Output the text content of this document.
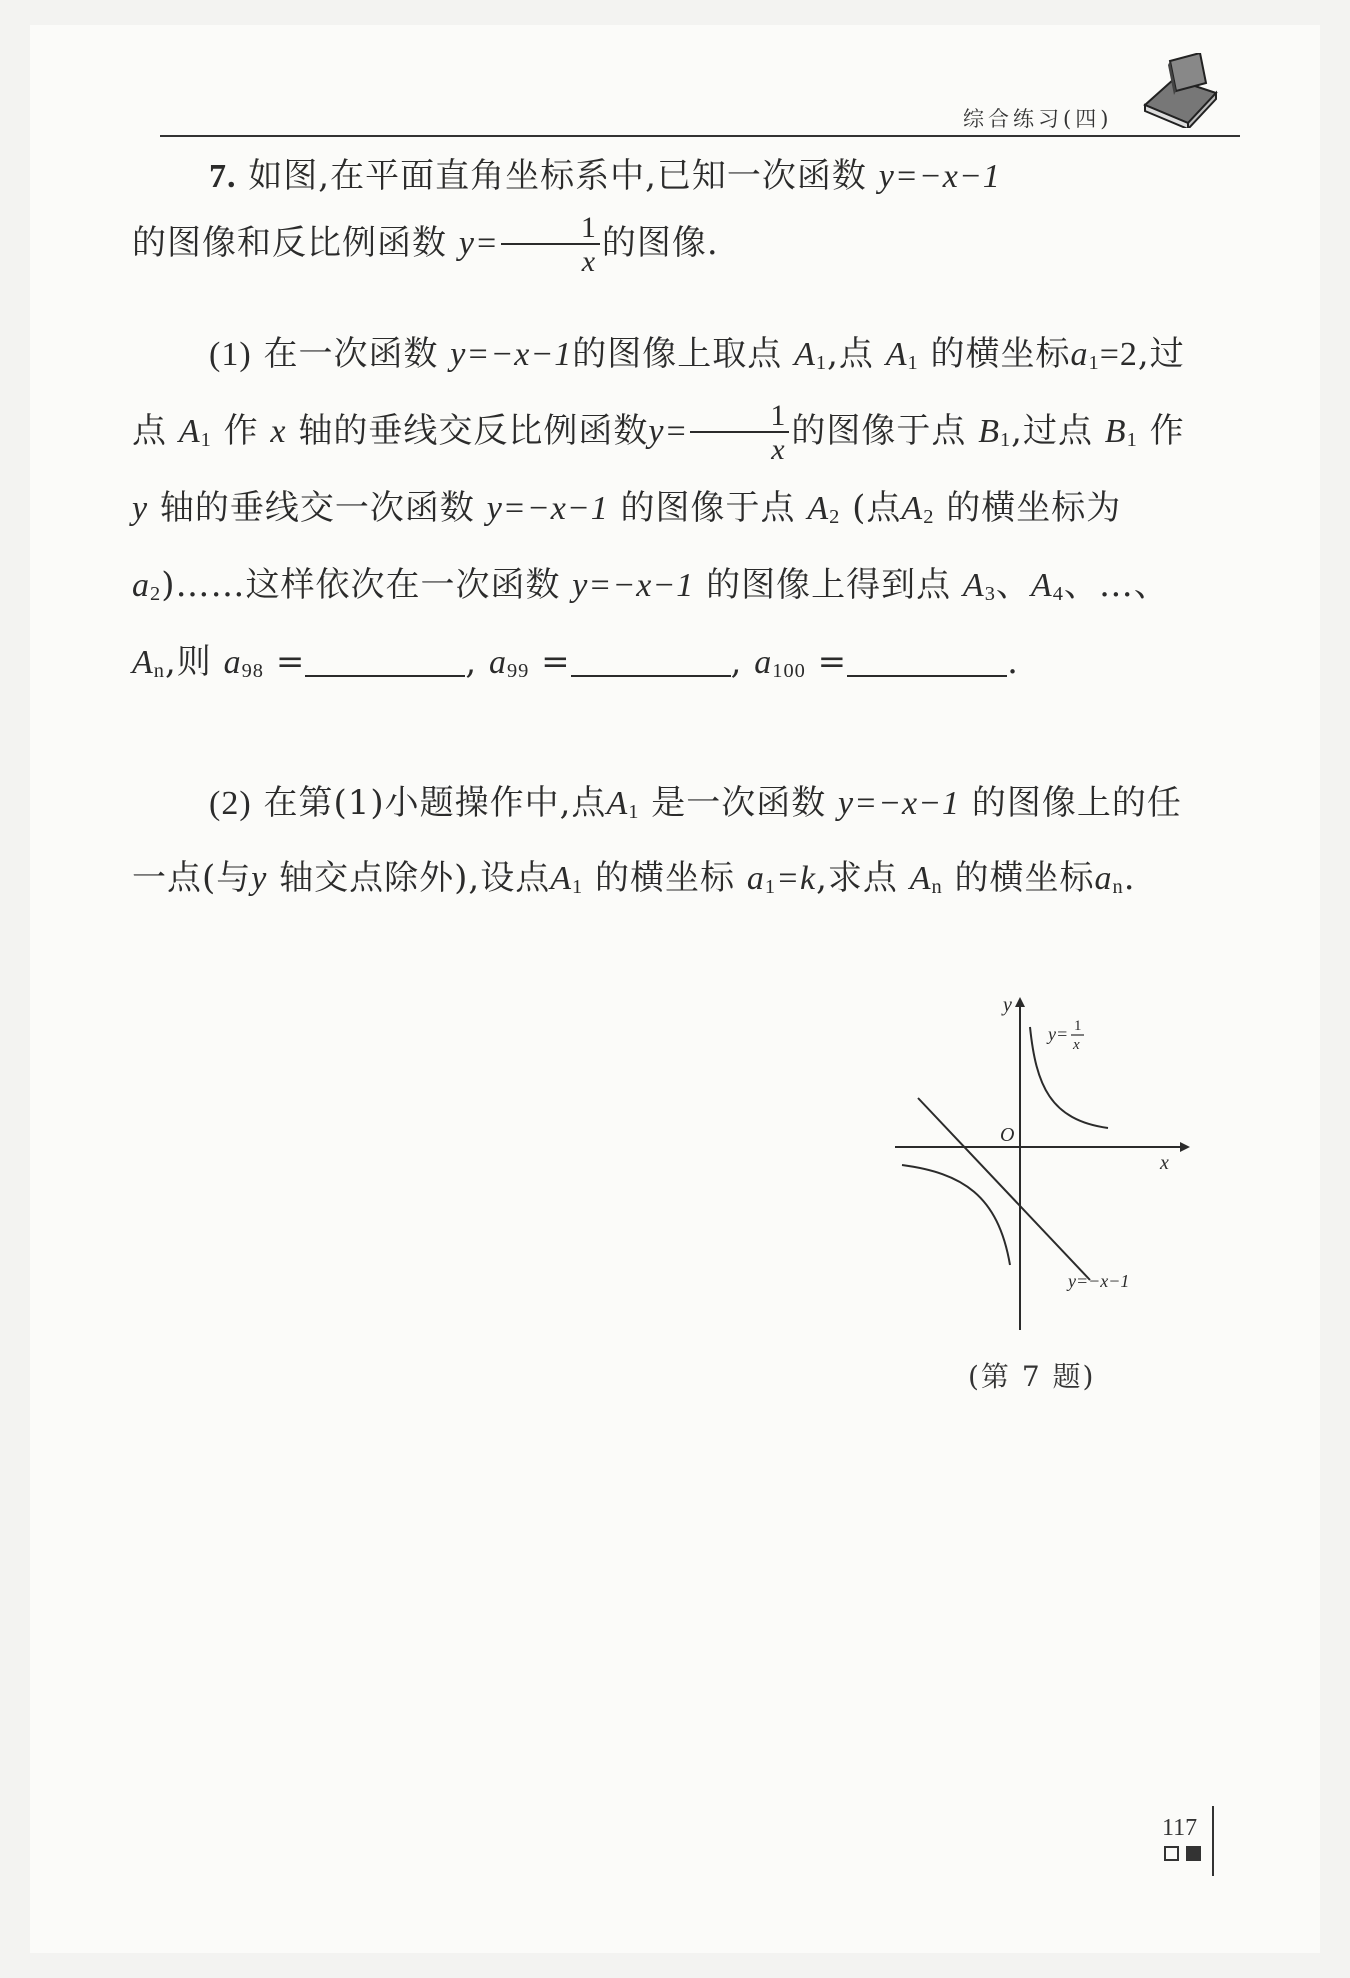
综合练习(四)

7. 如图,在平面直角坐标系中,已知一次函数 y=−x−1
的图像和反比例函数 $y= \frac{1}{x}$ 的图像.

(1) 在一次函数 y=−x−1的图像上取点 $A_1$,点 $A_1$ 的横坐标$a_1=2$,过点 $A_1$ 作 x 轴的垂线交反比例函数$y= \frac{1}{x}$ 的图像于点 $B_1$,过点 $B_1$ 作 y 轴的垂线交一次函数 y=−x−1 的图像于点 $A_2$ (点$A_2$ 的横坐标为 $a_2)\dots\dots$这样依次在一次函数 y=−x−1 的图像上得到点 $A_3$、$A_4$、…、$A_n$,则 $a_{98}$ =	, $a_{99}$ =	, $a_{100}$ =	.

(2) 在第(1)小题操作中,点$A_1$ 是一次函数 y=−x−1 的图像上的任一点(与y 轴交点除外),设点$A_1$ 的横坐标 $a_1=k$,求点 $A_n$ 的横坐标$a_n$.

y
x
O
y= 1
x
y=−x−1
(第 7 题)
117
